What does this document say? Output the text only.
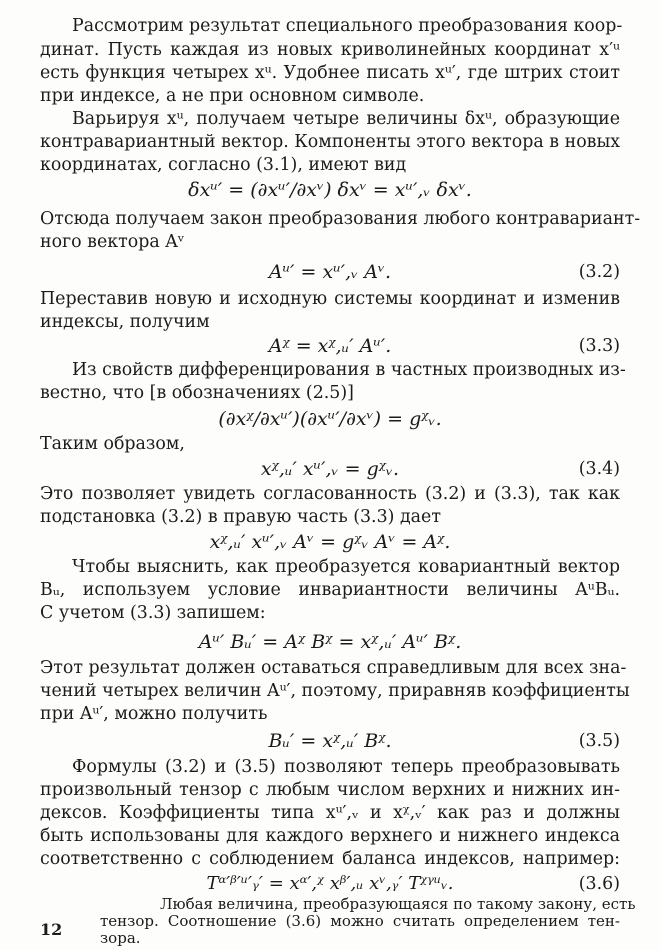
Рассмотрим результат специального преобразования коор-
динат. Пусть каждая из новых криволинейных координат x′ᵘ
есть функция четырех xᵘ. Удобнее писать xᵘ′, где штрих стоит
при индексе, а не при основном символе.
Варьируя xᵘ, получаем четыре величины δxᵘ, образующие
контравариантный вектор. Компоненты этого вектора в новых
координатах, согласно (3.1), имеют вид
δxᵘ′ = (∂xᵘ′/∂xᵛ) δxᵛ = xᵘ′,ᵥ δxᵛ.
Отсюда получаем закон преобразования любого контравариант-
ного вектора Aᵛ
Aᵘ′ = xᵘ′,ᵥ Aᵛ.	(3.2)
Переставив новую и исходную системы координат и изменив
индексы, получим
Aᵡ = xᵡ,ᵤ′ Aᵘ′.	(3.3)
Из свойств дифференцирования в частных производных из-
вестно, что [в обозначениях (2.5)]
(∂xᵡ/∂xᵘ′)(∂xᵘ′/∂xᵛ) = gᵡᵥ.
Таким образом,
xᵡ,ᵤ′ xᵘ′,ᵥ = gᵡᵥ.	(3.4)
Это позволяет увидеть согласованность (3.2) и (3.3), так как
подстановка (3.2) в правую часть (3.3) дает
xᵡ,ᵤ′ xᵘ′,ᵥ Aᵛ = gᵡᵥ Aᵛ = Aᵡ.
Чтобы выяснить, как преобразуется ковариантный вектор
Bᵤ, используем условие инвариантности величины AᵘBᵤ.
С учетом (3.3) запишем:
Aᵘ′ Bᵤ′ = Aᵡ Bᵡ = xᵡ,ᵤ′ Aᵘ′ Bᵡ.
Этот результат должен оставаться справедливым для всех зна-
чений четырех величин Aᵘ′, поэтому, приравняв коэффициенты
при Aᵘ′, можно получить
Bᵤ′ = xᵡ,ᵤ′ Bᵡ.	(3.5)
Формулы (3.2) и (3.5) позволяют теперь преобразовывать
произвольный тензор с любым числом верхних и нижних ин-
дексов. Коэффициенты типа xᵘ′,ᵥ и xᵡ,ᵥ′ как раз и должны
быть использованы для каждого верхнего и нижнего индекса
соответственно с соблюдением баланса индексов, например:
Tᵅ′ᵝ′ᵘ′ᵧ′ = xᵅ′,ᵡ xᵝ′,ᵤ xᵛ,ᵧ′ Tᵡᵞᵘᵥ.	(3.6)
Любая величина, преобразующаяся по такому закону, есть
тензор. Соотношение (3.6) можно считать определением тен-
зора.
12
